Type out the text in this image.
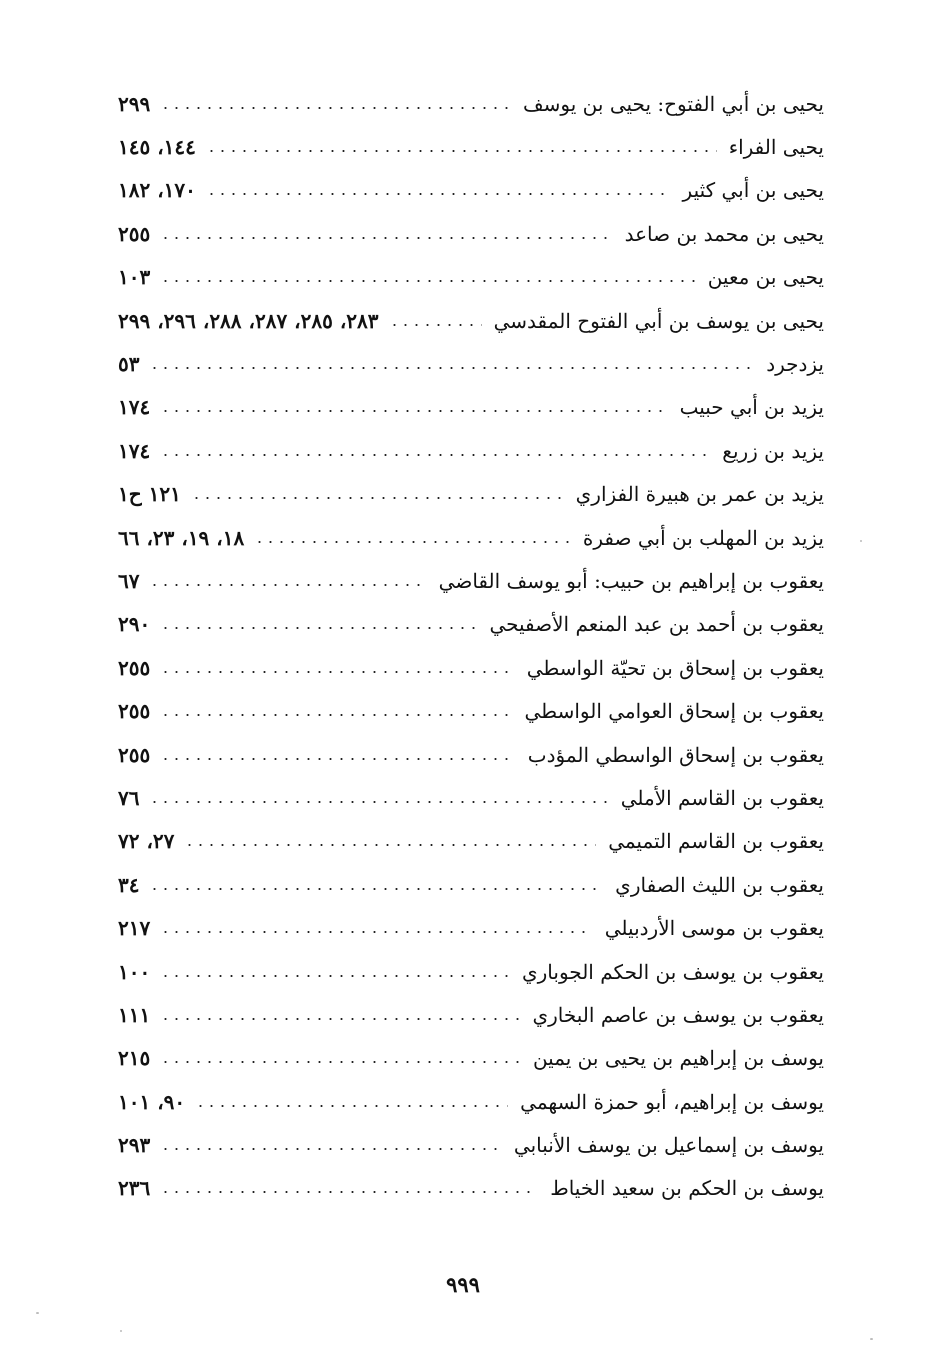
يحيى بن أبي الفتوح: يحيى بن يوسف
٢٩٩
يحيى الفراء
١٤٤، ١٤٥
يحيى بن أبي كثير
١٧٠، ١٨٢
يحيى بن محمد بن صاعد
٢٥٥
يحيى بن معين
١٠٣
يحيى بن يوسف بن أبي الفتوح المقدسي
٢٨٣، ٢٨٥، ٢٨٧، ٢٨٨، ٢٩٦، ٢٩٩
يزدجرد
٥٣
يزيد بن أبي حبيب
١٧٤
يزيد بن زريع
١٧٤
يزيد بن عمر بن هبيرة الفزاري
١٢١ ح١
يزيد بن المهلب بن أبي صفرة
١٨، ١٩، ٢٣، ٦٦
يعقوب بن إبراهيم بن حبيب: أبو يوسف القاضي
٦٧
يعقوب بن أحمد بن عبد المنعم الأصفيحي
٢٩٠
يعقوب بن إسحاق بن تحيّة الواسطي
٢٥٥
يعقوب بن إسحاق العوامي الواسطي
٢٥٥
يعقوب بن إسحاق الواسطي المؤدب
٢٥٥
يعقوب بن القاسم الأملي
٧٦
يعقوب بن القاسم التميمي
٢٧، ٧٢
يعقوب بن الليث الصفاري
٣٤
يعقوب بن موسى الأردبيلي
٢١٧
يعقوب بن يوسف بن الحكم الجوباري
١٠٠
يعقوب بن يوسف بن عاصم البخاري
١١١
يوسف بن إبراهيم بن يحيى بن يمين
٢١٥
يوسف بن إبراهيم، أبو حمزة السهمي
٩٠، ١٠١
يوسف بن إسماعيل بن يوسف الأنبابي
٢٩٣
يوسف بن الحكم بن سعيد الخياط
٢٣٦
٩٩٩
